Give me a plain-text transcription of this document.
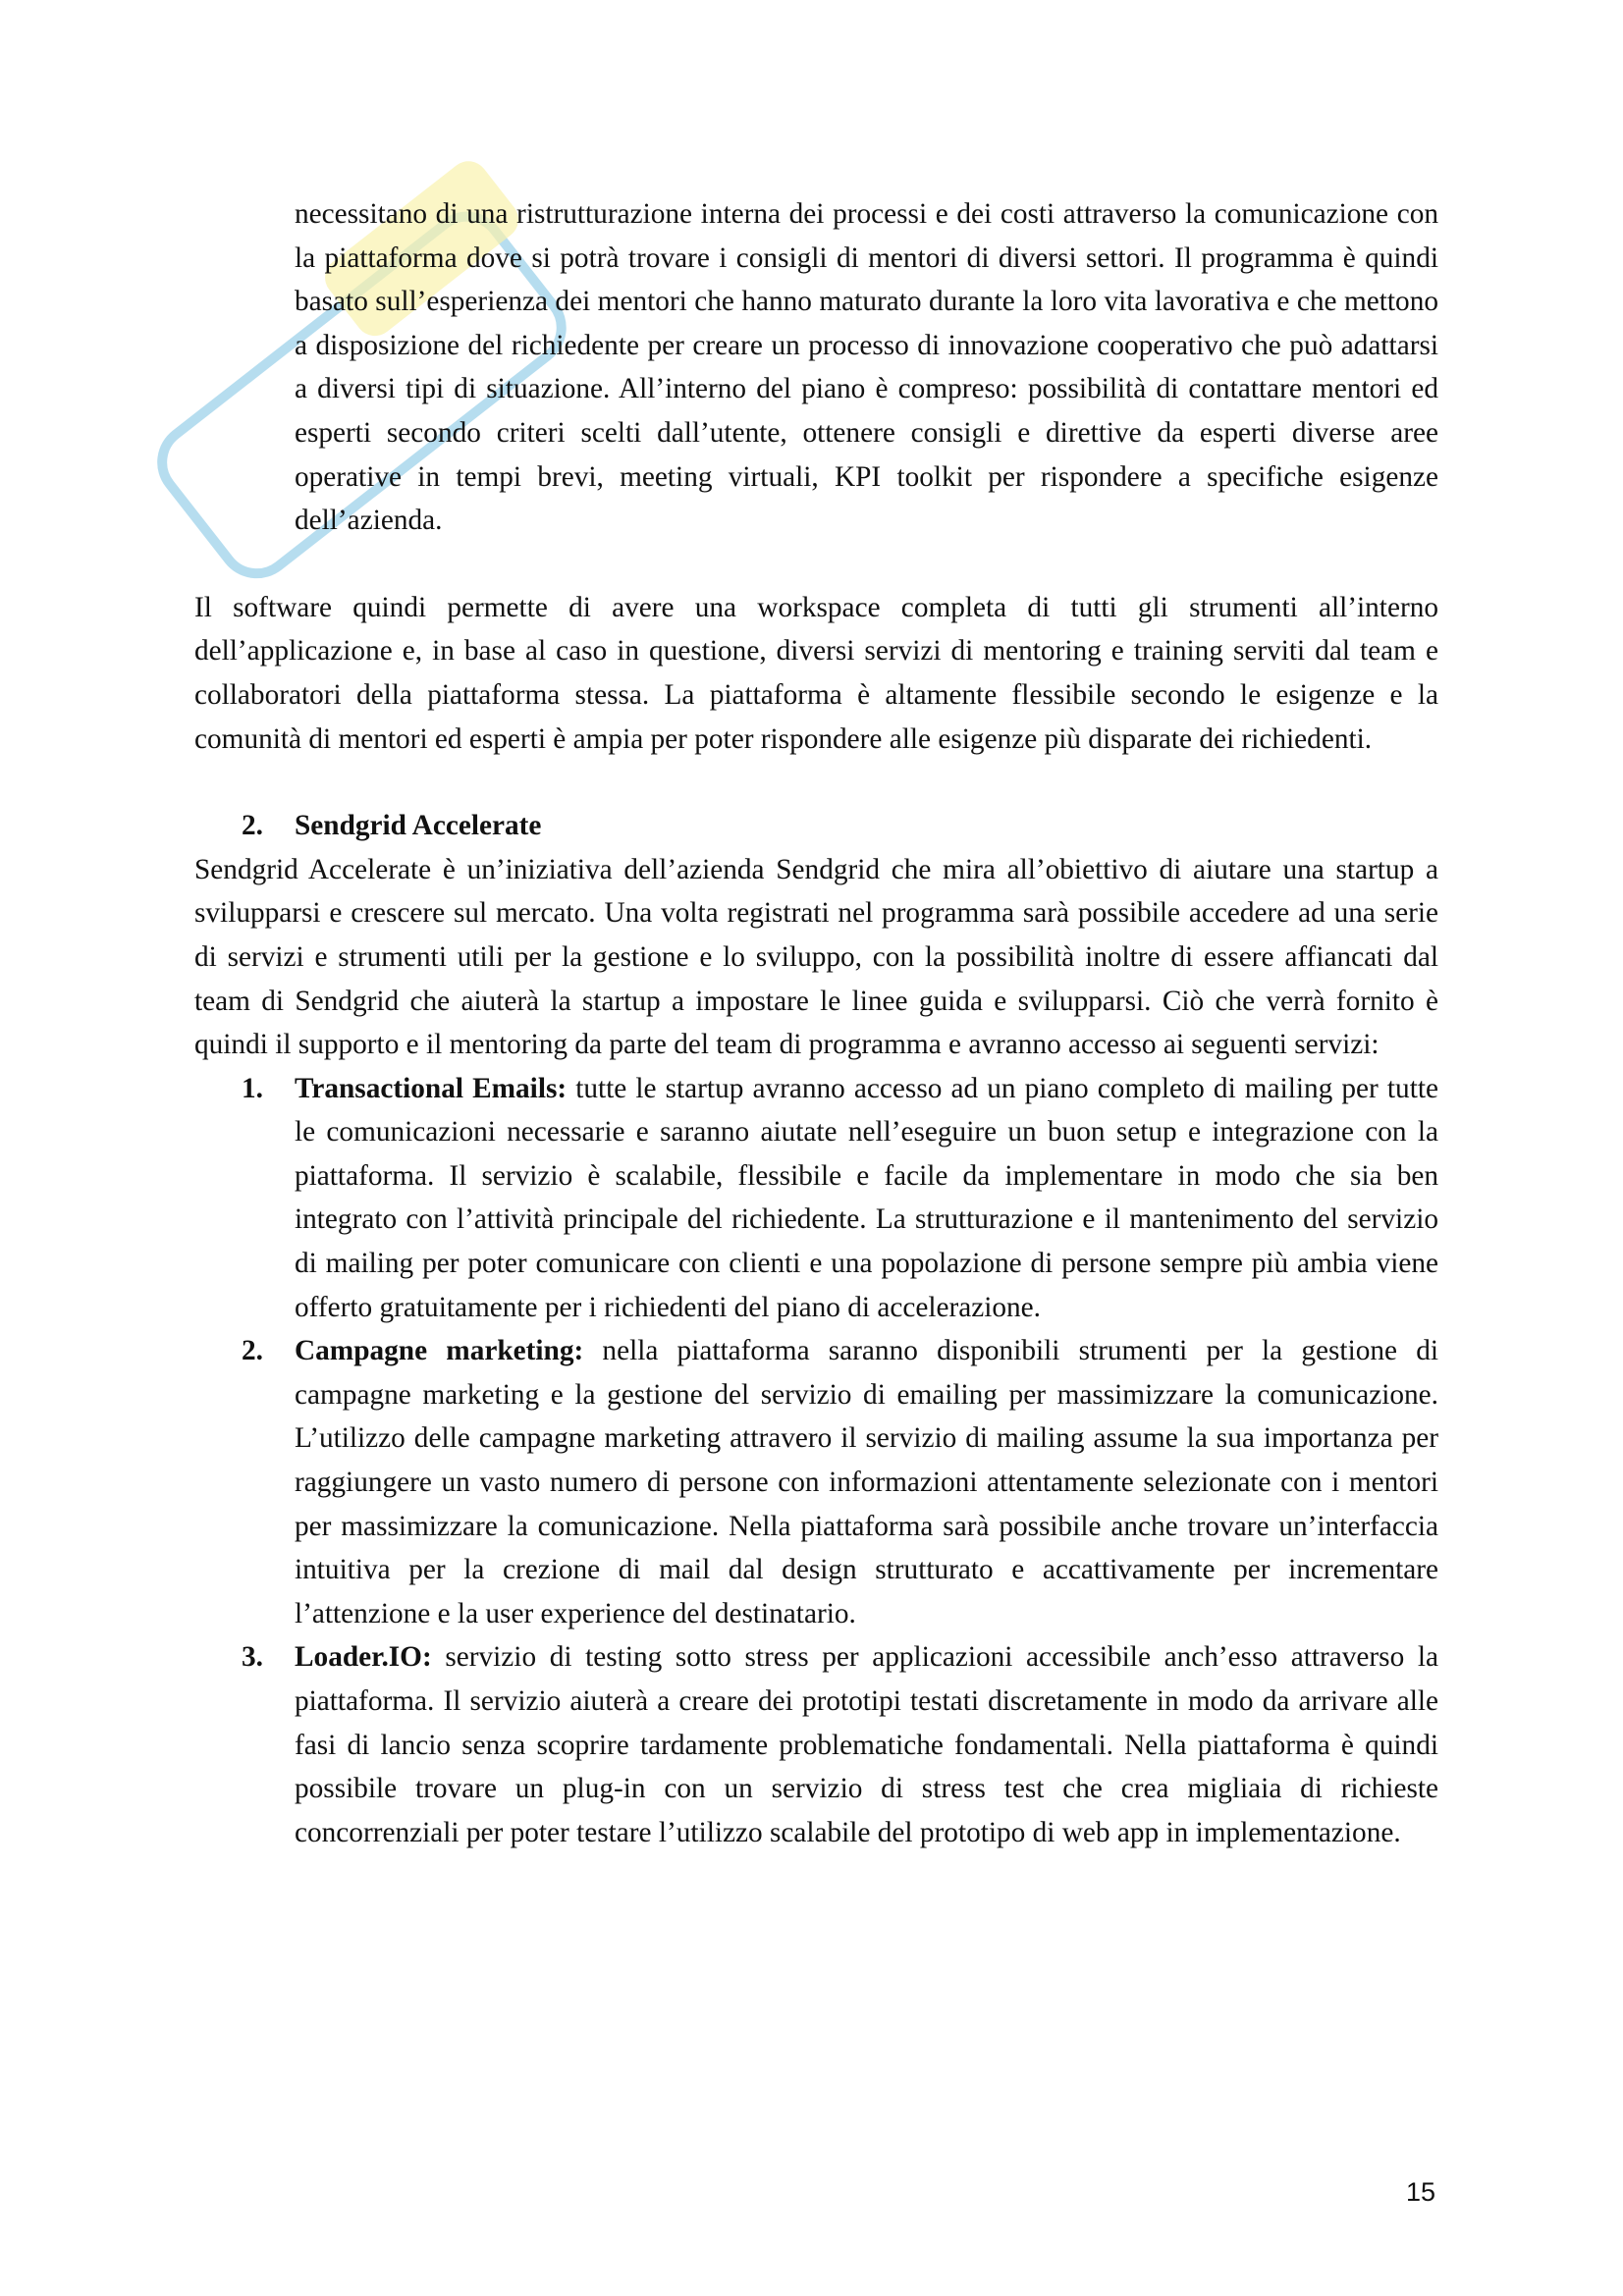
necessitano di una ristrutturazione interna dei processi e dei costi attraverso la comunicazione con la piattaforma dove si potrà trovare i consigli di mentori di diversi settori. Il programma è quindi basato sull’esperienza dei mentori che hanno maturato durante la loro vita lavorativa e che mettono a disposizione del richiedente per creare un processo di innovazione cooperativo che può adattarsi a diversi tipi di situazione. All’interno del piano è compreso: possibilità di contattare mentori ed esperti secondo criteri scelti dall’utente, ottenere consigli e direttive da esperti diverse aree operative in tempi brevi, meeting virtuali, KPI toolkit per rispondere a specifiche esigenze dell’azienda.

Il software quindi permette di avere una workspace completa di tutti gli strumenti all’interno dell’applicazione e, in base al caso in questione, diversi servizi di mentoring e training serviti dal team e collaboratori della piattaforma stessa. La piattaforma è altamente flessibile secondo le esigenze e la comunità di mentori ed esperti è ampia per poter rispondere alle esigenze più disparate dei richiedenti.

2. Sendgrid Accelerate

Sendgrid Accelerate è un’iniziativa dell’azienda Sendgrid che mira all’obiettivo di aiutare una startup a svilupparsi e crescere sul mercato. Una volta registrati nel programma sarà possibile accedere ad una serie di servizi e strumenti utili per la gestione e lo sviluppo, con la possibilità inoltre di essere affiancati dal team di Sendgrid che aiuterà la startup a impostare le linee guida e svilupparsi. Ciò che verrà fornito è quindi il supporto e il mentoring da parte del team di programma e avranno accesso ai seguenti servizi:

1. Transactional Emails: tutte le startup avranno accesso ad un piano completo di mailing per tutte le comunicazioni necessarie e saranno aiutate nell’eseguire un buon setup e integrazione con la piattaforma. Il servizio è scalabile, flessibile e facile da implementare in modo che sia ben integrato con l’attività principale del richiedente. La strutturazione e il mantenimento del servizio di mailing per poter comunicare con clienti e una popolazione di persone sempre più ambia viene offerto gratuitamente per i richiedenti del piano di accelerazione.
2. Campagne marketing: nella piattaforma saranno disponibili strumenti per la gestione di campagne marketing e la gestione del servizio di emailing per massimizzare la comunicazione. L’utilizzo delle campagne marketing attravero il servizio di mailing assume la sua importanza per raggiungere un vasto numero di persone con informazioni attentamente selezionate con i mentori per massimizzare la comunicazione. Nella piattaforma sarà possibile anche trovare un’interfaccia intuitiva per la crezione di mail dal design strutturato e accattivamente per incrementare l’attenzione e la user experience del destinatario.
3. Loader.IO: servizio di testing sotto stress per applicazioni accessibile anch’esso attraverso la piattaforma. Il servizio aiuterà a creare dei prototipi testati discretamente in modo da arrivare alle fasi di lancio senza scoprire tardamente problematiche fondamentali. Nella piattaforma è quindi possibile trovare un plug-in con un servizio di stress test che crea migliaia di richieste concorrenziali per poter testare l’utilizzo scalabile del prototipo di web app in implementazione.
15
